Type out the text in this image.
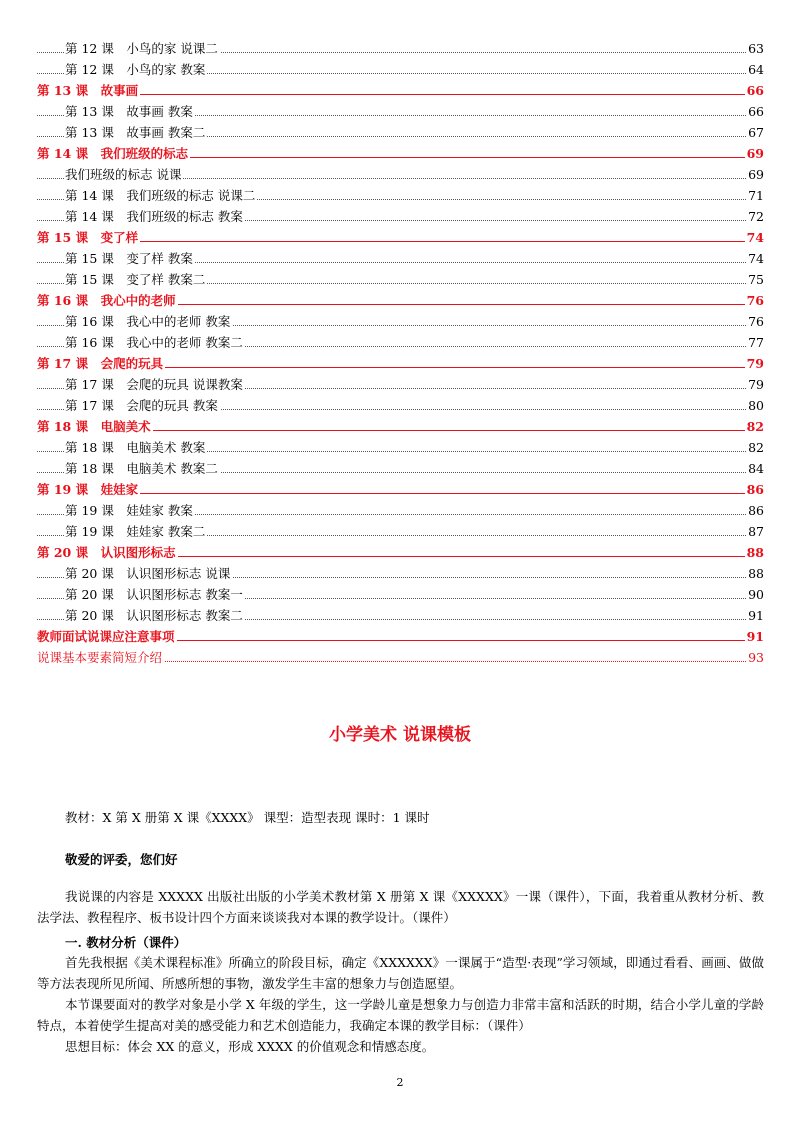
第 12 课　小鸟的家 说课二	63
第 12 课　小鸟的家 教案	64
第 13 课　故事画	66
第 13 课　故事画 教案	66
第 13 课　故事画 教案二	67
第 14 课　我们班级的标志	69
我们班级的标志 说课	69
第 14 课　我们班级的标志 说课二	71
第 14 课　我们班级的标志 教案	72
第 15 课　变了样	74
第 15 课　变了样 教案	74
第 15 课　变了样 教案二	75
第 16 课　我心中的老师	76
第 16 课　我心中的老师 教案	76
第 16 课　我心中的老师 教案二	77
第 17 课　会爬的玩具	79
第 17 课　会爬的玩具 说课教案	79
第 17 课　会爬的玩具 教案	80
第 18 课　电脑美术	82
第 18 课　电脑美术 教案	82
第 18 课　电脑美术 教案二	84
第 19 课　娃娃家	86
第 19 课　娃娃家 教案	86
第 19 课　娃娃家 教案二	87
第 20 课　认识图形标志	88
第 20 课　认识图形标志 说课	88
第 20 课　认识图形标志 教案一	90
第 20 课　认识图形标志 教案二	91
教师面试说课应注意事项	91
说课基本要素简短介绍	93
小学美术 说课模板
教材：X 第 X 册第 X 课《XXXX》 课型：造型表现 课时：1 课时
敬爱的评委，您们好
我说课的内容是 XXXXX 出版社出版的小学美术教材第 X 册第 X 课《XXXXX》一课（课件），下面，我着重从教材分析、教法学法、教程程序、板书设计四个方面来谈谈我对本课的教学设计。（课件）
一. 教材分析（课件）
首先我根据《美术课程标准》所确立的阶段目标，确定《XXXXXX》一课属于“造型·表现”学习领域，即通过看看、画画、做做等方法表现所见所闻、所感所想的事物，激发学生丰富的想象力与创造愿望。
本节课要面对的教学对象是小学 X 年级的学生，这一学龄儿童是想象力与创造力非常丰富和活跃的时期，结合小学儿童的学龄特点，本着使学生提高对美的感受能力和艺术创造能力，我确定本课的教学目标：（课件）
思想目标：体会 XX 的意义，形成 XXXX 的价值观念和情感态度。
2
